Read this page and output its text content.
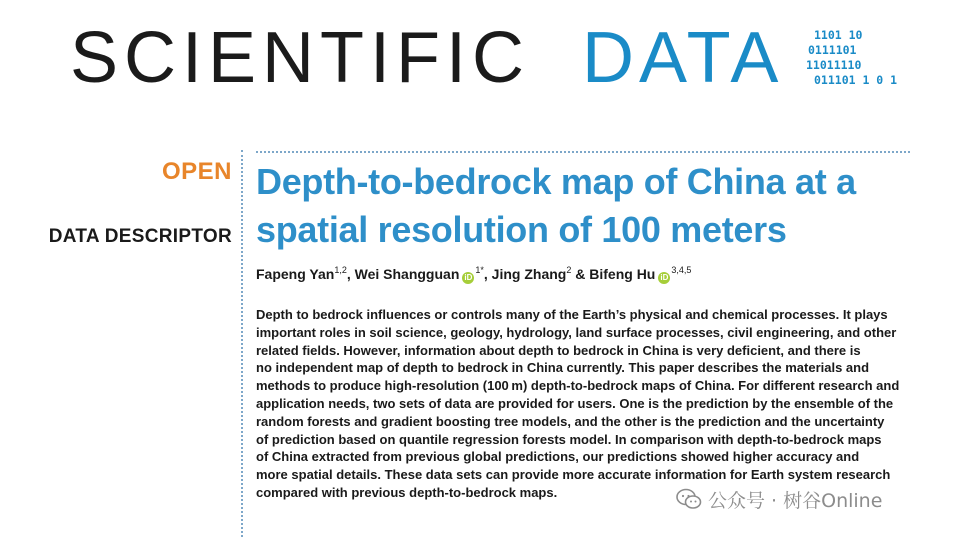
SCIENTIFIC DATA	1101 10
0111101
11011110
011101 1 0 1
OPEN
DATA DESCRIPTOR
Depth-to-bedrock map of China at a spatial resolution of 100 meters
Fapeng Yan$^{1,2}$, Wei Shangguan $iD^{1*}$, Jing Zhang$^2$ & Bifeng Hu iD$^{3,4,5}$
Depth to bedrock influences or controls many of the Earth’s physical and chemical processes. It plays
important roles in soil science, geology, hydrology, land surface processes, civil engineering, and other
related fields. However, information about depth to bedrock in China is very deficient, and there is
no independent map of depth to bedrock in China currently. This paper describes the materials and
methods to produce high-resolution (100 m) depth-to-bedrock maps of China. For different research and
application needs, two sets of data are provided for users. One is the prediction by the ensemble of the
random forests and gradient boosting tree models, and the other is the prediction and the uncertainty
of prediction based on quantile regression forests model. In comparison with depth-to-bedrock maps
of China extracted from previous global predictions, our predictions showed higher accuracy and
more spatial details. These data sets can provide more accurate information for Earth system research
compared with previous depth-to-bedrock maps.	公众号 · 树谷Online
